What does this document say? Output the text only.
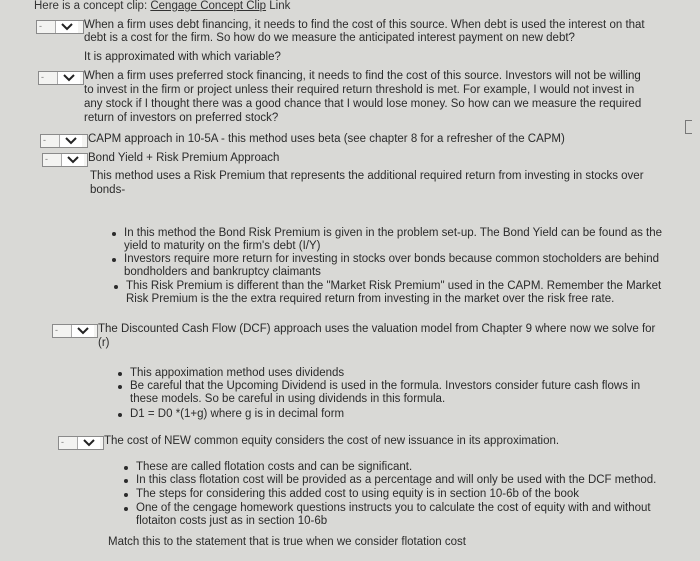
Here is a concept clip: Cengage Concept Clip Link
-	When a firm uses debt financing, it needs to find the cost of this source. When debt is used the interest on that
debt is a cost for the firm. So how do we measure the anticipated interest payment on new debt?
It is approximated with which variable?
-	When a firm uses preferred stock financing, it needs to find the cost of this source. Investors will not be willing
to invest in the firm or project unless their required return threshold is met. For example, I would not invest in
any stock if I thought there was a good chance that I would lose money. So how can we measure the required
return of investors on preferred stock?
-	CAPM approach in 10-5A - this method uses beta (see chapter 8 for a refresher of the CAPM)
-	Bond Yield + Risk Premium Approach
This method uses a Risk Premium that represents the additional required return from investing in stocks over
bonds-
In this method the Bond Risk Premium is given in the problem set-up. The Bond Yield can be found as the
yield to maturity on the firm's debt (I/Y)
Investors require more return for investing in stocks over bonds because common stocholders are behind
bondholders and bankruptcy claimants
This Risk Premium is different than the "Market Risk Premium" used in the CAPM. Remember the Market
Risk Premium is the the extra required return from investing in the market over the risk free rate.
-	The Discounted Cash Flow (DCF) approach uses the valuation model from Chapter 9 where now we solve for
(r)
This appoximation method uses dividends
Be careful that the Upcoming Dividend is used in the formula. Investors consider future cash flows in
these models. So be careful in using dividends in this formula.
D1 = D0 *(1+g) where g is in decimal form
-	The cost of NEW common equity considers the cost of new issuance in its approximation.
These are called flotation costs and can be significant.
In this class flotation cost will be provided as a percentage and will only be used with the DCF method.
The steps for considering this added cost to using equity is in section 10-6b of the book
One of the cengage homework questions instructs you to calculate the cost of equity with and without
flotaiton costs just as in section 10-6b
Match this to the statement that is true when we consider flotation cost
